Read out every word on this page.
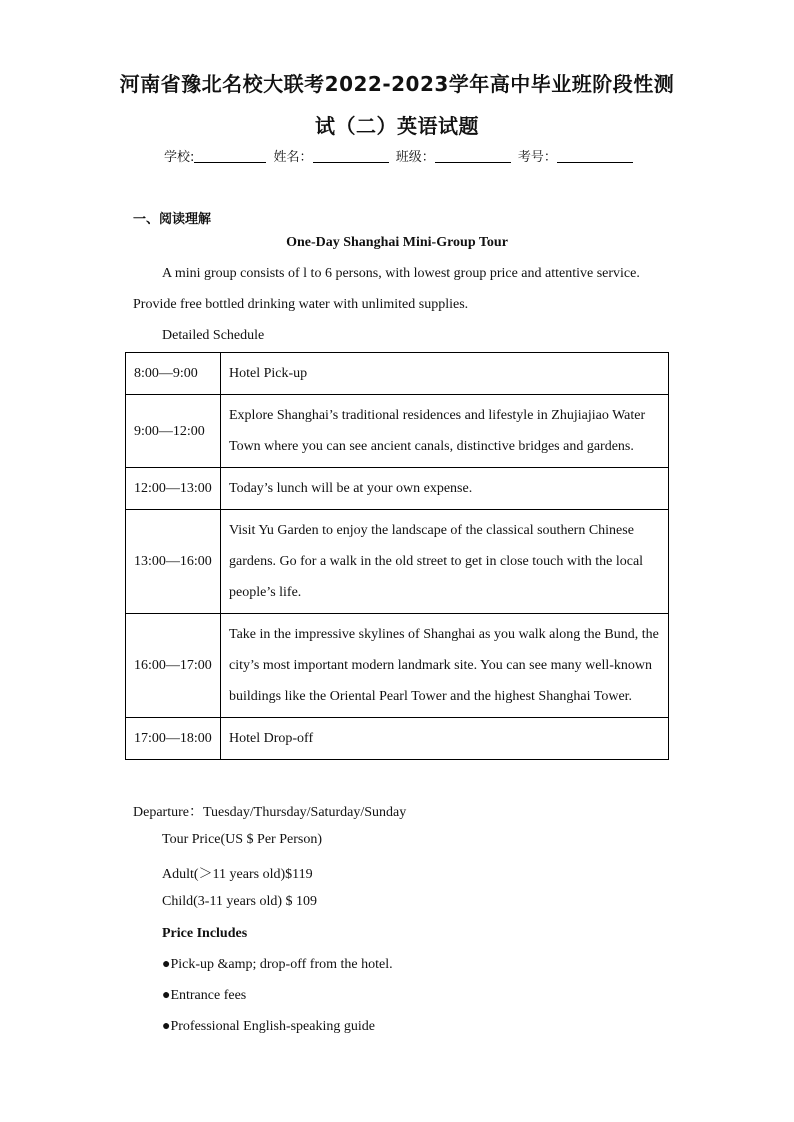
河南省豫北名校大联考2022-2023学年高中毕业班阶段性测
试（二）英语试题
学校:	姓名：	班级：	考号：
一、阅读理解
One-Day Shanghai Mini-Group Tour
A mini group consists of l to 6 persons, with lowest group price and attentive service.
Provide free bottled drinking water with unlimited supplies.
Detailed Schedule
8:00—9:00	Hotel Pick-up
9:00—12:00	Explore Shanghai’s traditional residences and lifestyle in Zhujiajiao Water Town where you can see ancient canals, distinctive bridges and gardens.
12:00—13:00	Today’s lunch will be at your own expense.
13:00—16:00	Visit Yu Garden to enjoy the landscape of the classical southern Chinese gardens. Go for a walk in the old street to get in close touch with the local people’s life.
16:00—17:00	Take in the impressive skylines of Shanghai as you walk along the Bund, the city’s most important modern landmark site. You can see many well-known buildings like the Oriental Pearl Tower and the highest Shanghai Tower.
17:00—18:00	Hotel Drop-off
Departure：Tuesday/Thursday/Saturday/Sunday
Tour Price(US $ Per Person)
Adult(＞11 years old)$119
Child(3-11 years old) $ 109
Price Includes
●Pick-up &amp; drop-off from the hotel.
●Entrance fees
●Professional English-speaking guide
